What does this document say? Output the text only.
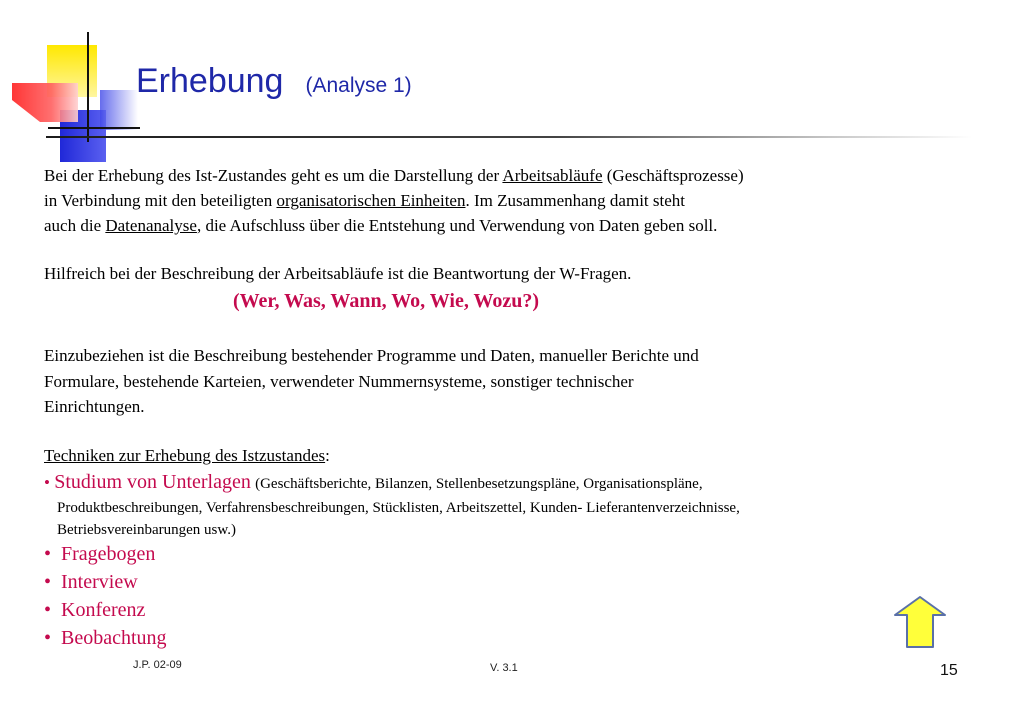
Erhebung (Analyse 1)
Bei der Erhebung des Ist-Zustandes geht es um die Darstellung der Arbeitsabläufe (Geschäftsprozesse)
in Verbindung mit den beteiligten organisatorischen Einheiten. Im Zusammenhang damit steht
auch die Datenanalyse, die Aufschluss über die Entstehung und Verwendung von Daten geben soll.
Hilfreich bei der Beschreibung der Arbeitsabläufe ist die Beantwortung der W-Fragen.
(Wer, Was, Wann, Wo, Wie, Wozu?)
Einzubeziehen ist die Beschreibung bestehender Programme und Daten, manueller Berichte und
Formulare, bestehende Karteien, verwendeter Nummernsysteme, sonstiger technischer
Einrichtungen.
Techniken zur Erhebung des Istzustandes:
• Studium von Unterlagen (Geschäftsberichte, Bilanzen, Stellenbesetzungspläne, Organisationspläne,
Produktbeschreibungen, Verfahrensbeschreibungen, Stücklisten, Arbeitszettel, Kunden- Lieferantenverzeichnisse,
Betriebsvereinbarungen usw.)
• Fragebogen
• Interview
• Konferenz
• Beobachtung
J.P. 02-09	V. 3.1	15
